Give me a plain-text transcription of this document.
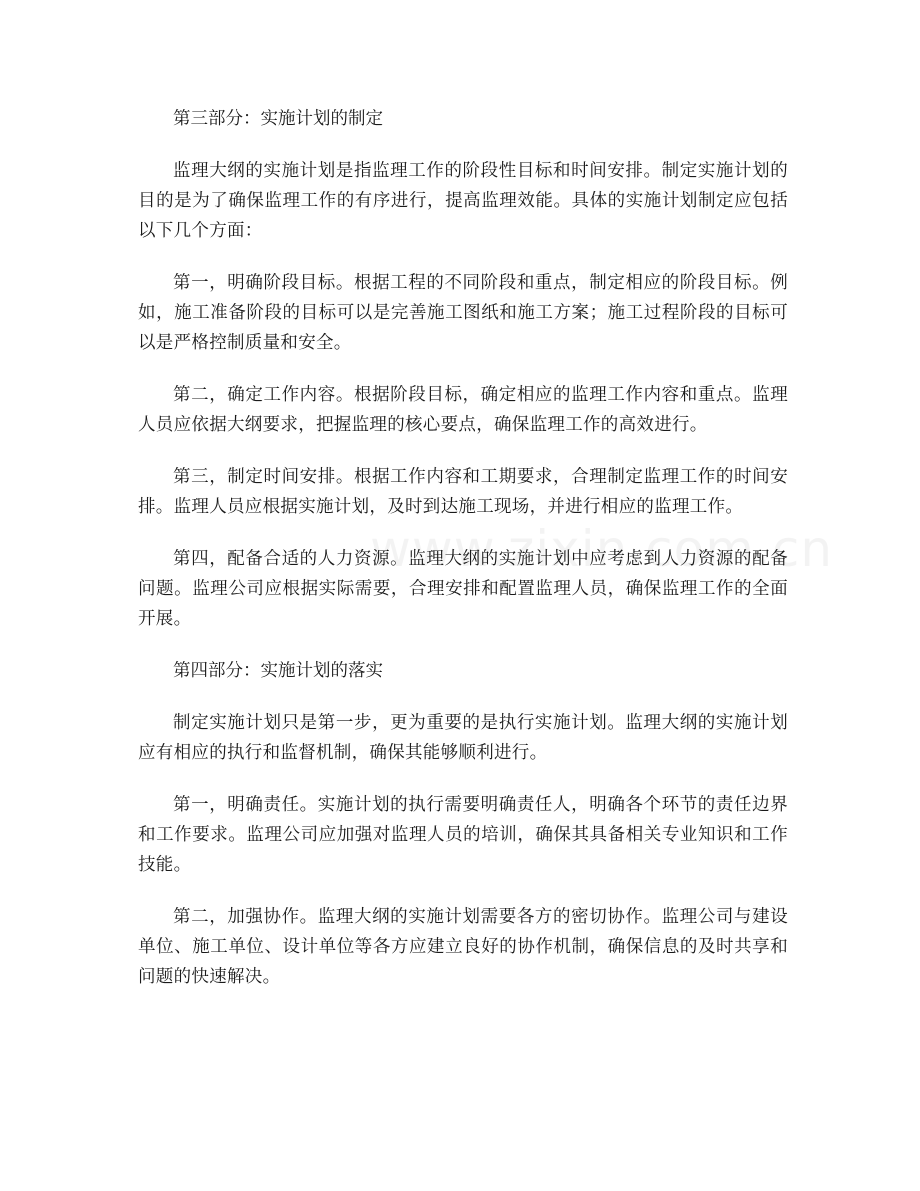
第三部分：实施计划的制定

监理大纲的实施计划是指监理工作的阶段性目标和时间安排。制定实施计划的目的是为了确保监理工作的有序进行，提高监理效能。具体的实施计划制定应包括以下几个方面：

第一，明确阶段目标。根据工程的不同阶段和重点，制定相应的阶段目标。例如，施工准备阶段的目标可以是完善施工图纸和施工方案；施工过程阶段的目标可以是严格控制质量和安全。

第二，确定工作内容。根据阶段目标，确定相应的监理工作内容和重点。监理人员应依据大纲要求，把握监理的核心要点，确保监理工作的高效进行。

第三，制定时间安排。根据工作内容和工期要求，合理制定监理工作的时间安排。监理人员应根据实施计划，及时到达施工现场，并进行相应的监理工作。

第四，配备合适的人力资源。监理大纲的实施计划中应考虑到人力资源的配备问题。监理公司应根据实际需要，合理安排和配置监理人员，确保监理工作的全面开展。

第四部分：实施计划的落实

制定实施计划只是第一步，更为重要的是执行实施计划。监理大纲的实施计划应有相应的执行和监督机制，确保其能够顺利进行。

第一，明确责任。实施计划的执行需要明确责任人，明确各个环节的责任边界和工作要求。监理公司应加强对监理人员的培训，确保其具备相关专业知识和工作技能。

第二，加强协作。监理大纲的实施计划需要各方的密切协作。监理公司与建设单位、施工单位、设计单位等各方应建立良好的协作机制，确保信息的及时共享和问题的快速解决。
